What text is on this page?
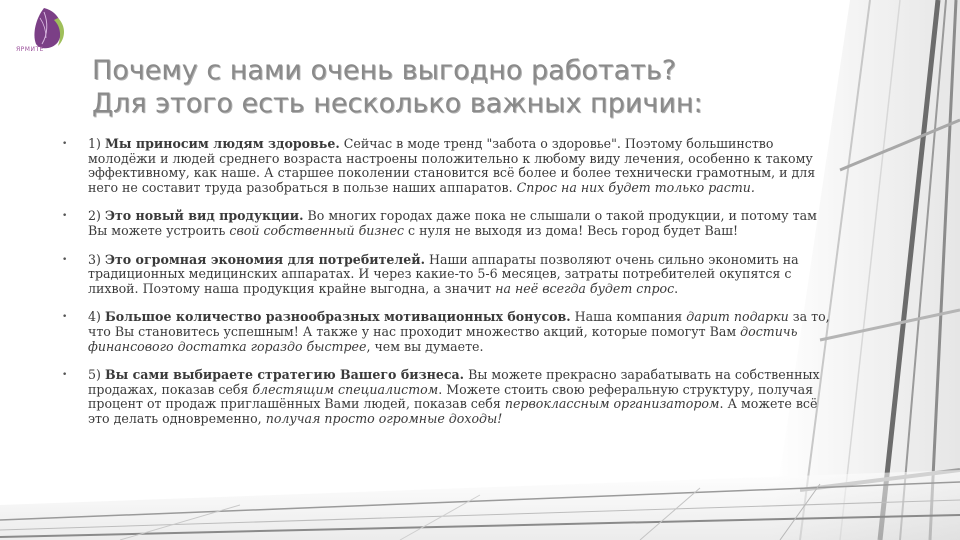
ЯРМИТЕ
Почему с нами очень выгодно работать?
Для этого есть несколько важных причин:
• 1) Мы приносим людям здоровье. Сейчас в моде тренд "забота о здоровье". Поэтому большинство молодёжи и людей среднего возраста настроены положительно к любому виду лечения, особенно к такому эффективному, как наше. А старшее поколении становится всё более и более технически грамотным, и для него не составит труда разобраться в пользе наших аппаратов. Спрос на них будет только расти.
• 2) Это новый вид продукции. Во многих городах даже пока не слышали о такой продукции, и потому там Вы можете устроить свой собственный бизнес с нуля не выходя из дома! Весь город будет Ваш!
• 3) Это огромная экономия для потребителей. Наши аппараты позволяют очень сильно экономить на традиционных медицинских аппаратах. И через какие-то 5-6 месяцев, затраты потребителей окупятся с лихвой. Поэтому наша продукция крайне выгодна, а значит на неё всегда будет спрос.
• 4) Большое количество разнообразных мотивационных бонусов. Наша компания дарит подарки за то, что Вы становитесь успешным! А также у нас проходит множество акций, которые помогут Вам достичь финансового достатка гораздо быстрее, чем вы думаете.
• 5) Вы сами выбираете стратегию Вашего бизнеса. Вы можете прекрасно зарабатывать на собственных продажах, показав себя блестящим специалистом. Можете стоить свою реферальную структуру, получая процент от продаж приглашённых Вами людей, показав себя первоклассным организатором. А можете всё это делать одновременно, получая просто огромные доходы!
